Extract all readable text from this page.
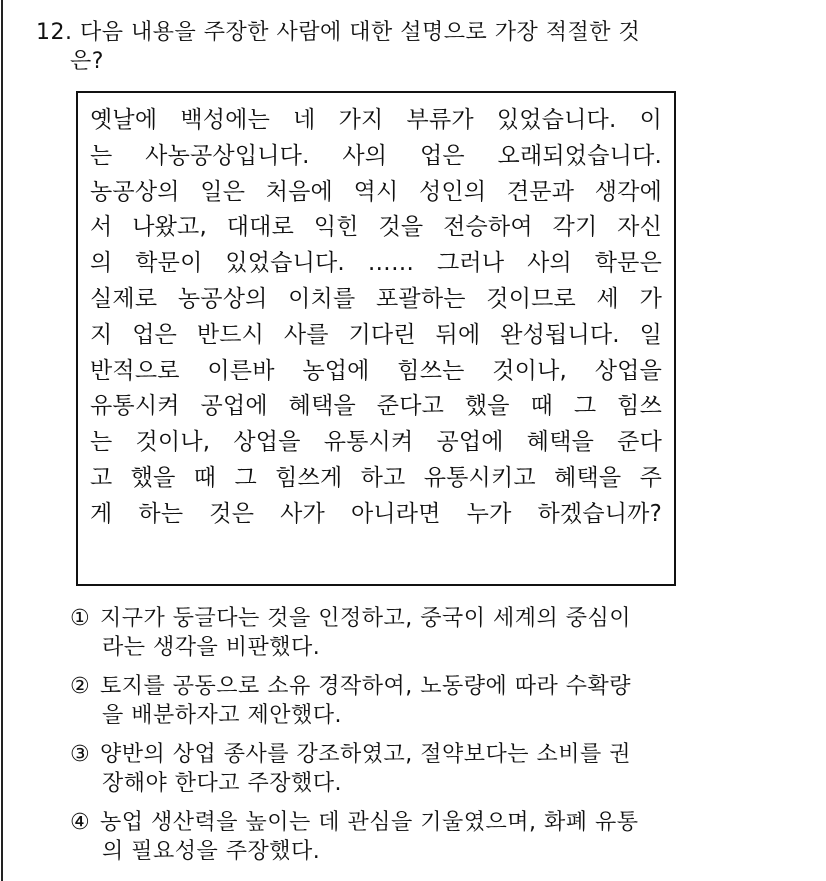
12. 다음 내용을 주장한 사람에 대한 설명으로 가장 적절한 것
은?
옛날에 백성에는 네 가지 부류가 있었습니다. 이
는 사농공상입니다. 사의 업은 오래되었습니다.
농공상의 일은 처음에 역시 성인의 견문과 생각에
서 나왔고, 대대로 익힌 것을 전승하여 각기 자신
의 학문이 있었습니다. …… 그러나 사의 학문은
실제로 농공상의 이치를 포괄하는 것이므로 세 가
지 업은 반드시 사를 기다린 뒤에 완성됩니다. 일
반적으로 이른바 농업에 힘쓰는 것이나, 상업을
유통시켜 공업에 혜택을 준다고 했을 때 그 힘쓰
는 것이나, 상업을 유통시켜 공업에 혜택을 준다
고 했을 때 그 힘쓰게 하고 유통시키고 혜택을 주
게 하는 것은 사가 아니라면 누가 하겠습니까?
① 지구가 둥글다는 것을 인정하고, 중국이 세계의 중심이
라는 생각을 비판했다.
② 토지를 공동으로 소유 경작하여, 노동량에 따라 수확량
을 배분하자고 제안했다.
③ 양반의 상업 종사를 강조하였고, 절약보다는 소비를 권
장해야 한다고 주장했다.
④ 농업 생산력을 높이는 데 관심을 기울였으며, 화폐 유통
의 필요성을 주장했다.
